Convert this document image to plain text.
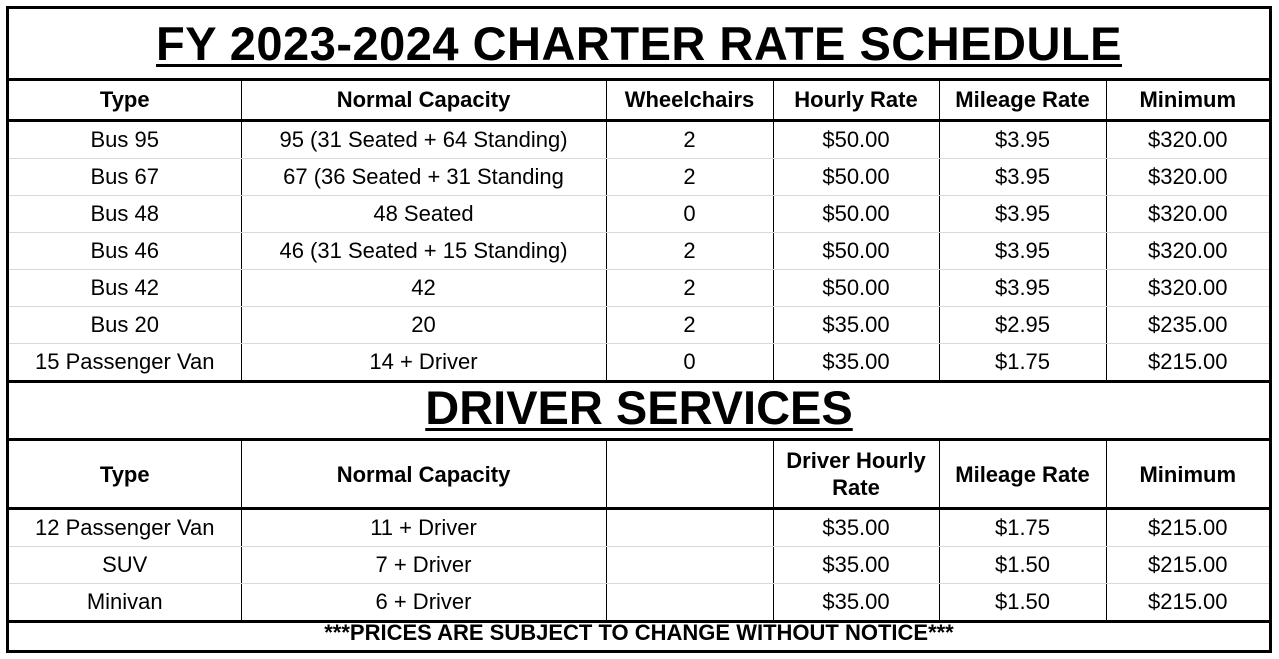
FY 2023-2024 CHARTER RATE SCHEDULE
Type	Normal Capacity	Wheelchairs	Hourly Rate	Mileage Rate	Minimum
Bus 95	95 (31 Seated + 64 Standing)	2	$50.00	$3.95	$320.00
Bus 67	67 (36 Seated + 31 Standing	2	$50.00	$3.95	$320.00
Bus 48	48 Seated	0	$50.00	$3.95	$320.00
Bus 46	46 (31 Seated + 15 Standing)	2	$50.00	$3.95	$320.00
Bus 42	42	2	$50.00	$3.95	$320.00
Bus 20	20	2	$35.00	$2.95	$235.00
15 Passenger Van	14 + Driver	0	$35.00	$1.75	$215.00
DRIVER SERVICES
Type	Normal Capacity		Driver Hourly Rate	Mileage Rate	Minimum
12 Passenger Van	11 + Driver		$35.00	$1.75	$215.00
SUV	7 + Driver		$35.00	$1.50	$215.00
Minivan	6 + Driver		$35.00	$1.50	$215.00
***PRICES ARE SUBJECT TO CHANGE WITHOUT NOTICE***
